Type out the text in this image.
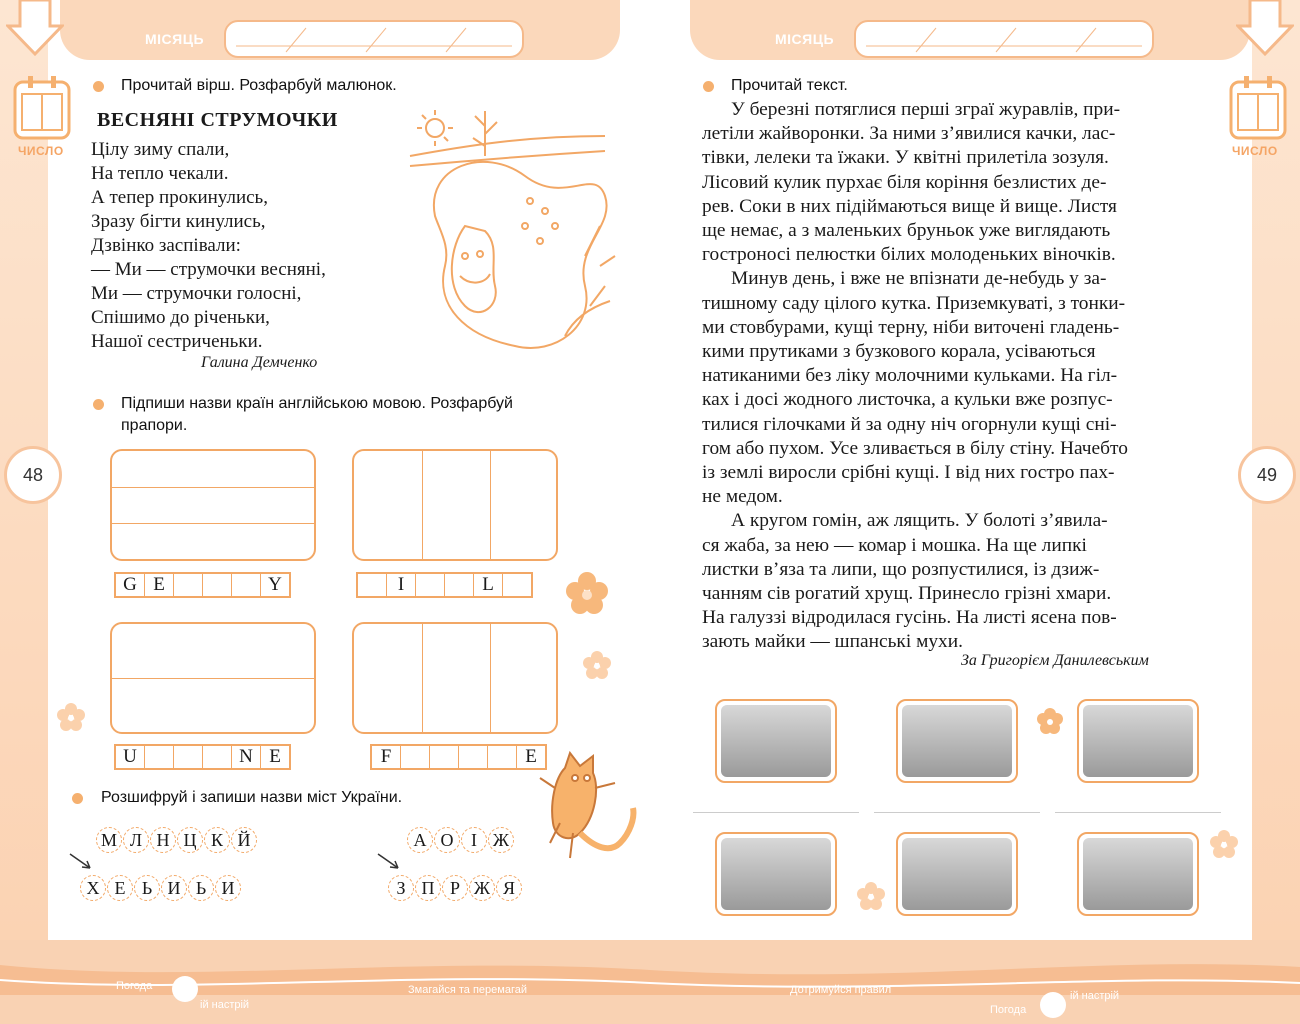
МІСЯЦЬ	МІСЯЦЬ
ЧИСЛО	ЧИСЛО
48	49
Прочитай вірш. Розфарбуй малюнок.
ВЕСНЯНІ СТРУМОЧКИ
Цілу зиму спали,
На тепло чекали.
А тепер прокинулись,
Зразу бігти кинулись,
Дзвінко заспівали:
— Ми — струмочки весняні,
Ми — струмочки голосні,
Спішимо до річеньки,
Нашої сестриченьки.
Галина Демченко
Підпиши назви країн англійською мовою. Розфарбуй
прапори.
G E	Y	I	L
U	N E	F	E
Розшифруй і запиши назви міст України.
М Л Н Ц К Й
Х Е Ь И Ь И
А О І Ж
З П Р Ж Я
Прочитай текст.

У березні потяглися перші зграї журавлів, при-

летіли жайворонки. За ними з’явилися качки, лас-

тівки, лелеки та їжаки. У квітні прилетіла зозуля.

Лісовий кулик пурхає біля коріння безлистих де-

рев. Соки в них підіймаються вище й вище. Листя

ще немає, а з маленьких бруньок уже виглядають

гостроносі пелюстки білих молоденьких віночків.

Минув день, і вже не впізнати де-небудь у за-

тишному саду цілого кутка. Приземкуваті, з тонки-

ми стовбурами, кущі терну, ніби виточені гладень-

кими прутиками з бузкового корала, усіваються

натиканими без ліку молочними кульками. На гіл-

ках і досі жодного листочка, а кульки вже розпус-

тилися гілочками й за одну ніч огорнули кущі сні-

гом або пухом. Усе зливається в білу стіну. Начебто

із землі виросли срібні кущі. І від них гостро пах-

не медом.

А кругом гомін, аж лящить. У болоті з’явила-

ся жаба, за нею — комар і мошка. На ще липкі

листки в’яза та липи, що розпустилися, із дзиж-

чанням сів рогатий хрущ. Принесло грізні хмари.

На галуззі відродилася гусінь. На листі ясена пов-

зають майки — шпанські мухи.

За Григорієм Данилевським
Погода
ій настрій
Змагайся та перемагай	Дотримуйся правил
Погода
ій настрій
